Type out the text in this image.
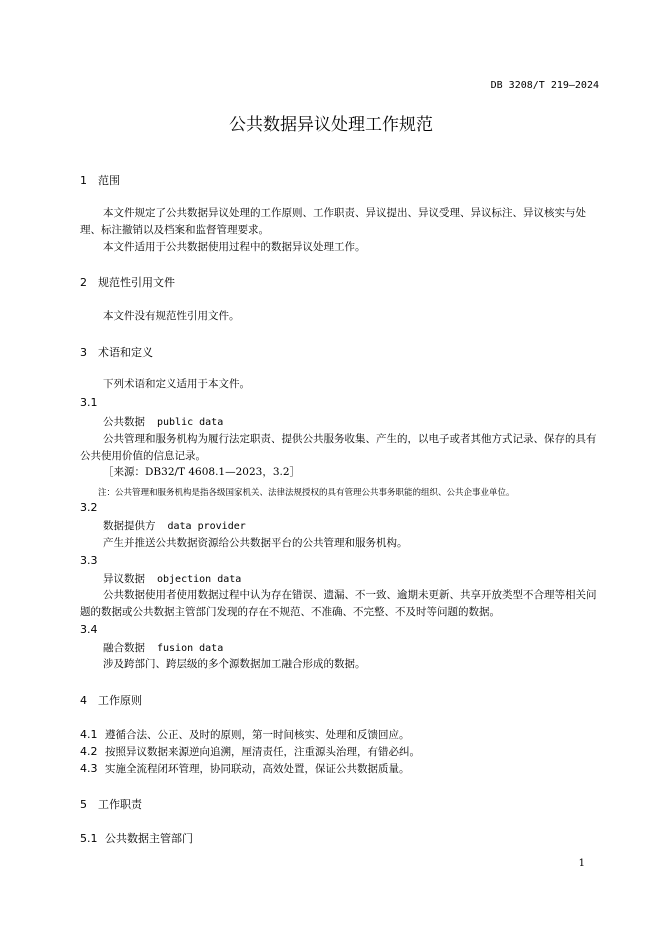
DB 3208/T 219—2024
公共数据异议处理工作规范
1 范围
本文件规定了公共数据异议处理的工作原则、工作职责、异议提出、异议受理、异议标注、异议核实与处理、标注撤销以及档案和监督管理要求。
本文件适用于公共数据使用过程中的数据异议处理工作。
2 规范性引用文件
本文件没有规范性引用文件。
3 术语和定义
下列术语和定义适用于本文件。
3.1
公共数据 public data
公共管理和服务机构为履行法定职责、提供公共服务收集、产生的，以电子或者其他方式记录、保存的具有公共使用价值的信息记录。
［来源：DB32/T 4608.1—2023，3.2］
注：公共管理和服务机构是指各级国家机关、法律法规授权的具有管理公共事务职能的组织、公共企事业单位。
3.2
数据提供方 data provider
产生并推送公共数据资源给公共数据平台的公共管理和服务机构。
3.3
异议数据 objection data
公共数据使用者使用数据过程中认为存在错误、遗漏、不一致、逾期未更新、共享开放类型不合理等相关问题的数据或公共数据主管部门发现的存在不规范、不准确、不完整、不及时等问题的数据。
3.4
融合数据 fusion data
涉及跨部门、跨层级的多个源数据加工融合形成的数据。
4 工作原则
4.1 遵循合法、公正、及时的原则，第一时间核实、处理和反馈回应。
4.2 按照异议数据来源逆向追溯，厘清责任，注重源头治理，有错必纠。
4.3 实施全流程闭环管理，协同联动，高效处置，保证公共数据质量。
5 工作职责
5.1 公共数据主管部门
1
